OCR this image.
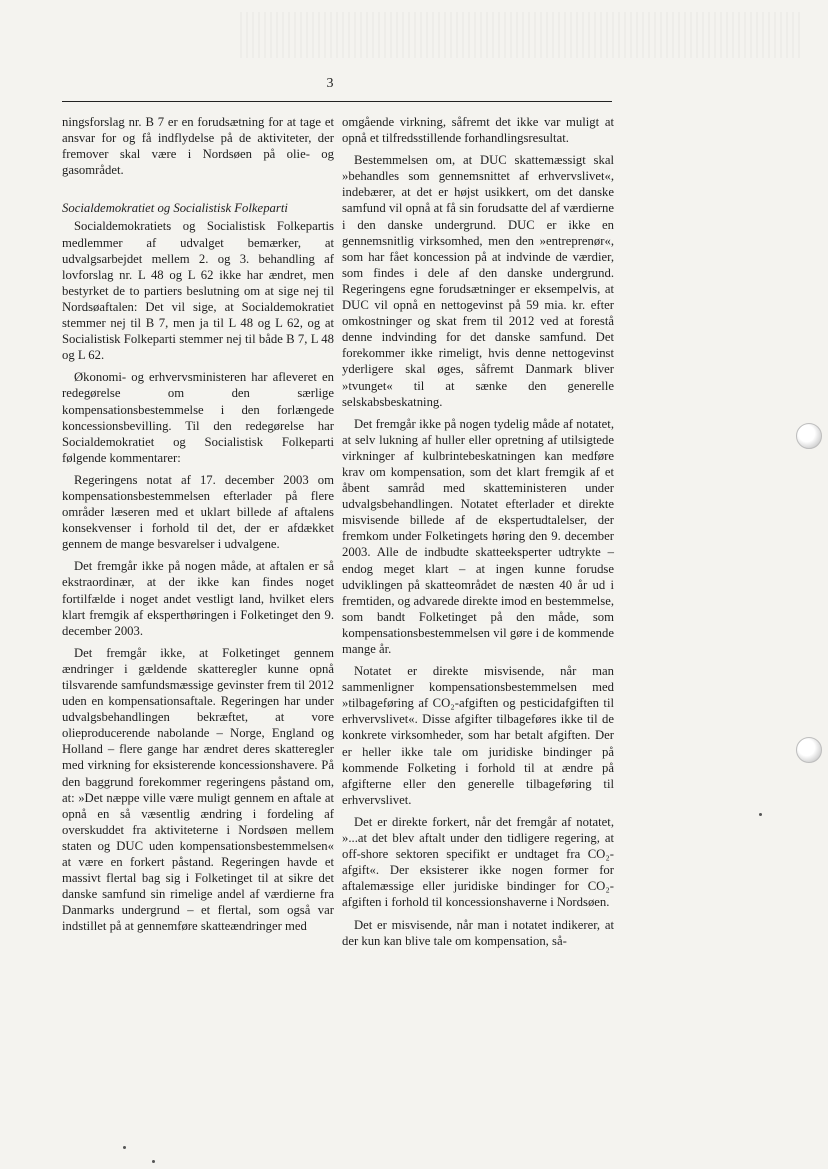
3

ningsforslag nr. B 7 er en forudsætning for at tage et ansvar for og få indflydelse på de aktiviteter, der fremover skal være i Nordsøen på olie- og gasområdet.

Socialdemokratiet og Socialistisk Folkeparti

Socialdemokratiets og Socialistisk Folkepartis medlemmer af udvalget bemærker, at udvalgsarbejdet mellem 2. og 3. behandling af lovforslag nr. L 48 og L 62 ikke har ændret, men bestyrket de to partiers beslutning om at sige nej til Nordsøaftalen: Det vil sige, at Socialdemokratiet stemmer nej til B 7, men ja til L 48 og L 62, og at Socialistisk Folkeparti stemmer nej til både B 7, L 48 og L 62.

Økonomi- og erhvervsministeren har afleveret en redegørelse om den særlige kompensationsbestemmelse i den forlængede koncessionsbevilling. Til den redegørelse har Socialdemokratiet og Socialistisk Folkeparti følgende kommentarer:

Regeringens notat af 17. december 2003 om kompensationsbestemmelsen efterlader på flere områder læseren med et uklart billede af aftalens konsekvenser i forhold til det, der er afdækket gennem de mange besvarelser i udvalgene.

Det fremgår ikke på nogen måde, at aftalen er så ekstraordinær, at der ikke kan findes noget fortilfælde i noget andet vestligt land, hvilket elers klart fremgik af eksperthøringen i Folketinget den 9. december 2003.

Det fremgår ikke, at Folketinget gennem ændringer i gældende skatteregler kunne opnå tilsvarende samfundsmæssige gevinster frem til 2012 uden en kompensationsaftale. Regeringen har under udvalgsbehandlingen bekræftet, at vore olieproducerende nabolande – Norge, England og Holland – flere gange har ændret deres skatteregler med virkning for eksisterende koncessionshavere. På den baggrund forekommer regeringens påstand om, at: »Det næppe ville være muligt gennem en aftale at opnå en så væsentlig ændring i fordeling af overskuddet fra aktiviteterne i Nordsøen mellem staten og DUC uden kompensationsbestemmelsen« at være en forkert påstand. Regeringen havde et massivt flertal bag sig i Folketinget til at sikre det danske samfund sin rimelige andel af værdierne fra Danmarks undergrund – et flertal, som også var indstillet på at gennemføre skatteændringer med

omgående virkning, såfremt det ikke var muligt at opnå et tilfredsstillende forhandlingsresultat.

Bestemmelsen om, at DUC skattemæssigt skal »behandles som gennemsnittet af erhvervslivet«, indebærer, at det er højst usikkert, om det danske samfund vil opnå at få sin forudsatte del af værdierne i den danske undergrund. DUC er ikke en gennemsnitlig virksomhed, men den »entreprenør«, som har fået koncession på at indvinde de værdier, som findes i dele af den danske undergrund. Regeringens egne forudsætninger er eksempelvis, at DUC vil opnå en nettogevinst på 59 mia. kr. efter omkostninger og skat frem til 2012 ved at forestå denne indvinding for det danske samfund. Det forekommer ikke rimeligt, hvis denne nettogevinst yderligere skal øges, såfremt Danmark bliver »tvunget« til at sænke den generelle selskabsbeskatning.

Det fremgår ikke på nogen tydelig måde af notatet, at selv lukning af huller eller opretning af utilsigtede virkninger af kulbrintebeskatningen kan medføre krav om kompensation, som det klart fremgik af et åbent samråd med skatteministeren under udvalgsbehandlingen. Notatet efterlader et direkte misvisende billede af de ekspertudtalelser, der fremkom under Folketingets høring den 9. december 2003. Alle de indbudte skatteeksperter udtrykte – endog meget klart – at ingen kunne forudse udviklingen på skatteområdet de næsten 40 år ud i fremtiden, og advarede direkte imod en bestemmelse, som bandt Folketinget på den måde, som kompensationsbestemmelsen vil gøre i de kommende mange år.

Notatet er direkte misvisende, når man sammenligner kompensationsbestemmelsen med »tilbageføring af CO₂-afgiften og pesticidafgiften til erhvervslivet«. Disse afgifter tilbageføres ikke til de konkrete virksomheder, som har betalt afgiften. Der er heller ikke tale om juridiske bindinger på kommende Folketing i forhold til at ændre på afgifterne eller den generelle tilbageføring til erhvervslivet.

Det er direkte forkert, når det fremgår af notatet, »...at det blev aftalt under den tidligere regering, at off-shore sektoren specifikt er undtaget fra CO₂-afgift«. Der eksisterer ikke nogen former for aftalemæssige eller juridiske bindinger for CO₂-afgiften i forhold til koncessionshaverne i Nordsøen.

Det er misvisende, når man i notatet indikerer, at der kun kan blive tale om kompensation, så-
